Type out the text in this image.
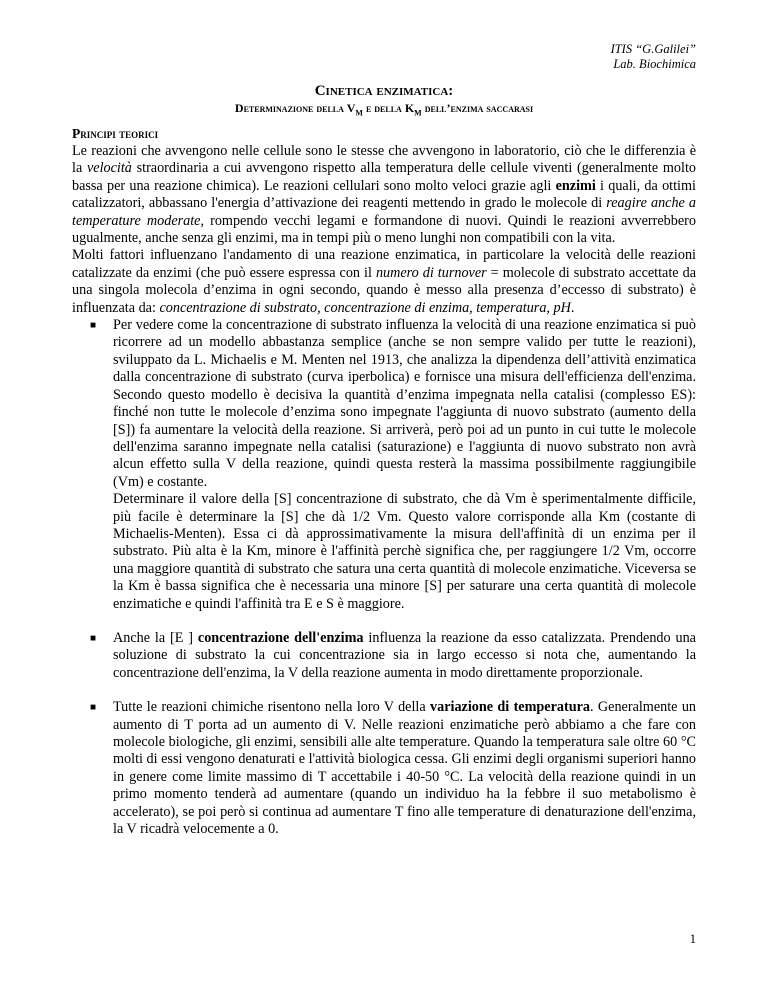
ITIS “G.Galilei”
Lab. Biochimica
Cinetica enzimatica:
Determinazione della $V_M$ e della $K_M$ dell’enzima saccarasi
Principi teorici

Le reazioni che avvengono nelle cellule sono le stesse che avvengono in laboratorio, ciò che le differenzia è la velocità straordinaria a cui avvengono rispetto alla temperatura delle cellule viventi (generalmente molto bassa per una reazione chimica). Le reazioni cellulari sono molto veloci grazie agli enzimi i quali, da ottimi catalizzatori, abbassano l'energia d’attivazione dei reagenti mettendo in grado le molecole di reagire anche a temperature moderate, rompendo vecchi legami e formandone di nuovi. Quindi le reazioni avverrebbero ugualmente, anche senza gli enzimi, ma in tempi più o meno lunghi non compatibili con la vita.

Molti fattori influenzano l'andamento di una reazione enzimatica, in particolare la velocità delle reazioni catalizzate da enzimi (che può essere espressa con il numero di turnover = molecole di substrato accettate da una singola molecola d’enzima in ogni secondo, quando è messo alla presenza d’eccesso di substrato) è influenzata da: concentrazione di substrato, concentrazione di enzima, temperatura, pH.

■ Per vedere come la concentrazione di substrato influenza la velocità di una reazione enzimatica si può ricorrere ad un modello abbastanza semplice (anche se non sempre valido per tutte le reazioni), sviluppato da L. Michaelis e M. Menten nel 1913, che analizza la dipendenza dell’attività enzimatica dalla concentrazione di substrato (curva iperbolica) e fornisce una misura dell'efficienza dell'enzima. Secondo questo modello è decisiva la quantità d’enzima impegnata nella catalisi (complesso ES): finché non tutte le molecole d’enzima sono impegnate l'aggiunta di nuovo substrato (aumento della [S]) fa aumentare la velocità della reazione. Si arriverà, però poi ad un punto in cui tutte le molecole dell'enzima saranno impegnate nella catalisi (saturazione) e l'aggiunta di nuovo substrato non avrà alcun effetto sulla V della reazione, quindi questa resterà la massima possibilmente raggiungibile (Vm) e costante.

Determinare il valore della [S] concentrazione di substrato, che dà Vm è sperimentalmente difficile, più facile è determinare la [S] che dà 1/2 Vm. Questo valore corrisponde alla Km (costante di Michaelis-Menten). Essa ci dà approssimativamente la misura dell'affinità di un enzima per il substrato. Più alta è la Km, minore è l'affinità perchè significa che, per raggiungere 1/2 Vm, occorre una maggiore quantità di substrato che satura una certa quantità di molecole enzimatiche. Viceversa se la Km è bassa significa che è necessaria una minore [S] per saturare una certa quantità di molecole enzimatiche e quindi l'affinità tra E e S è maggiore.

■ Anche la [E ] concentrazione dell'enzima influenza la reazione da esso catalizzata. Prendendo una soluzione di substrato la cui concentrazione sia in largo eccesso si nota che, aumentando la concentrazione dell'enzima, la V della reazione aumenta in modo direttamente proporzionale.

■ Tutte le reazioni chimiche risentono nella loro V della variazione di temperatura. Generalmente un aumento di T porta ad un aumento di V. Nelle reazioni enzimatiche però abbiamo a che fare con molecole biologiche, gli enzimi, sensibili alle alte temperature. Quando la temperatura sale oltre 60 °C molti di essi vengono denaturati e l'attività biologica cessa. Gli enzimi degli organismi superiori hanno in genere come limite massimo di T accettabile i 40-50 °C. La velocità della reazione quindi in un primo momento tenderà ad aumentare (quando un individuo ha la febbre il suo metabolismo è accelerato), se poi però si continua ad aumentare T fino alle temperature di denaturazione dell'enzima, la V ricadrà velocemente a 0.

1
